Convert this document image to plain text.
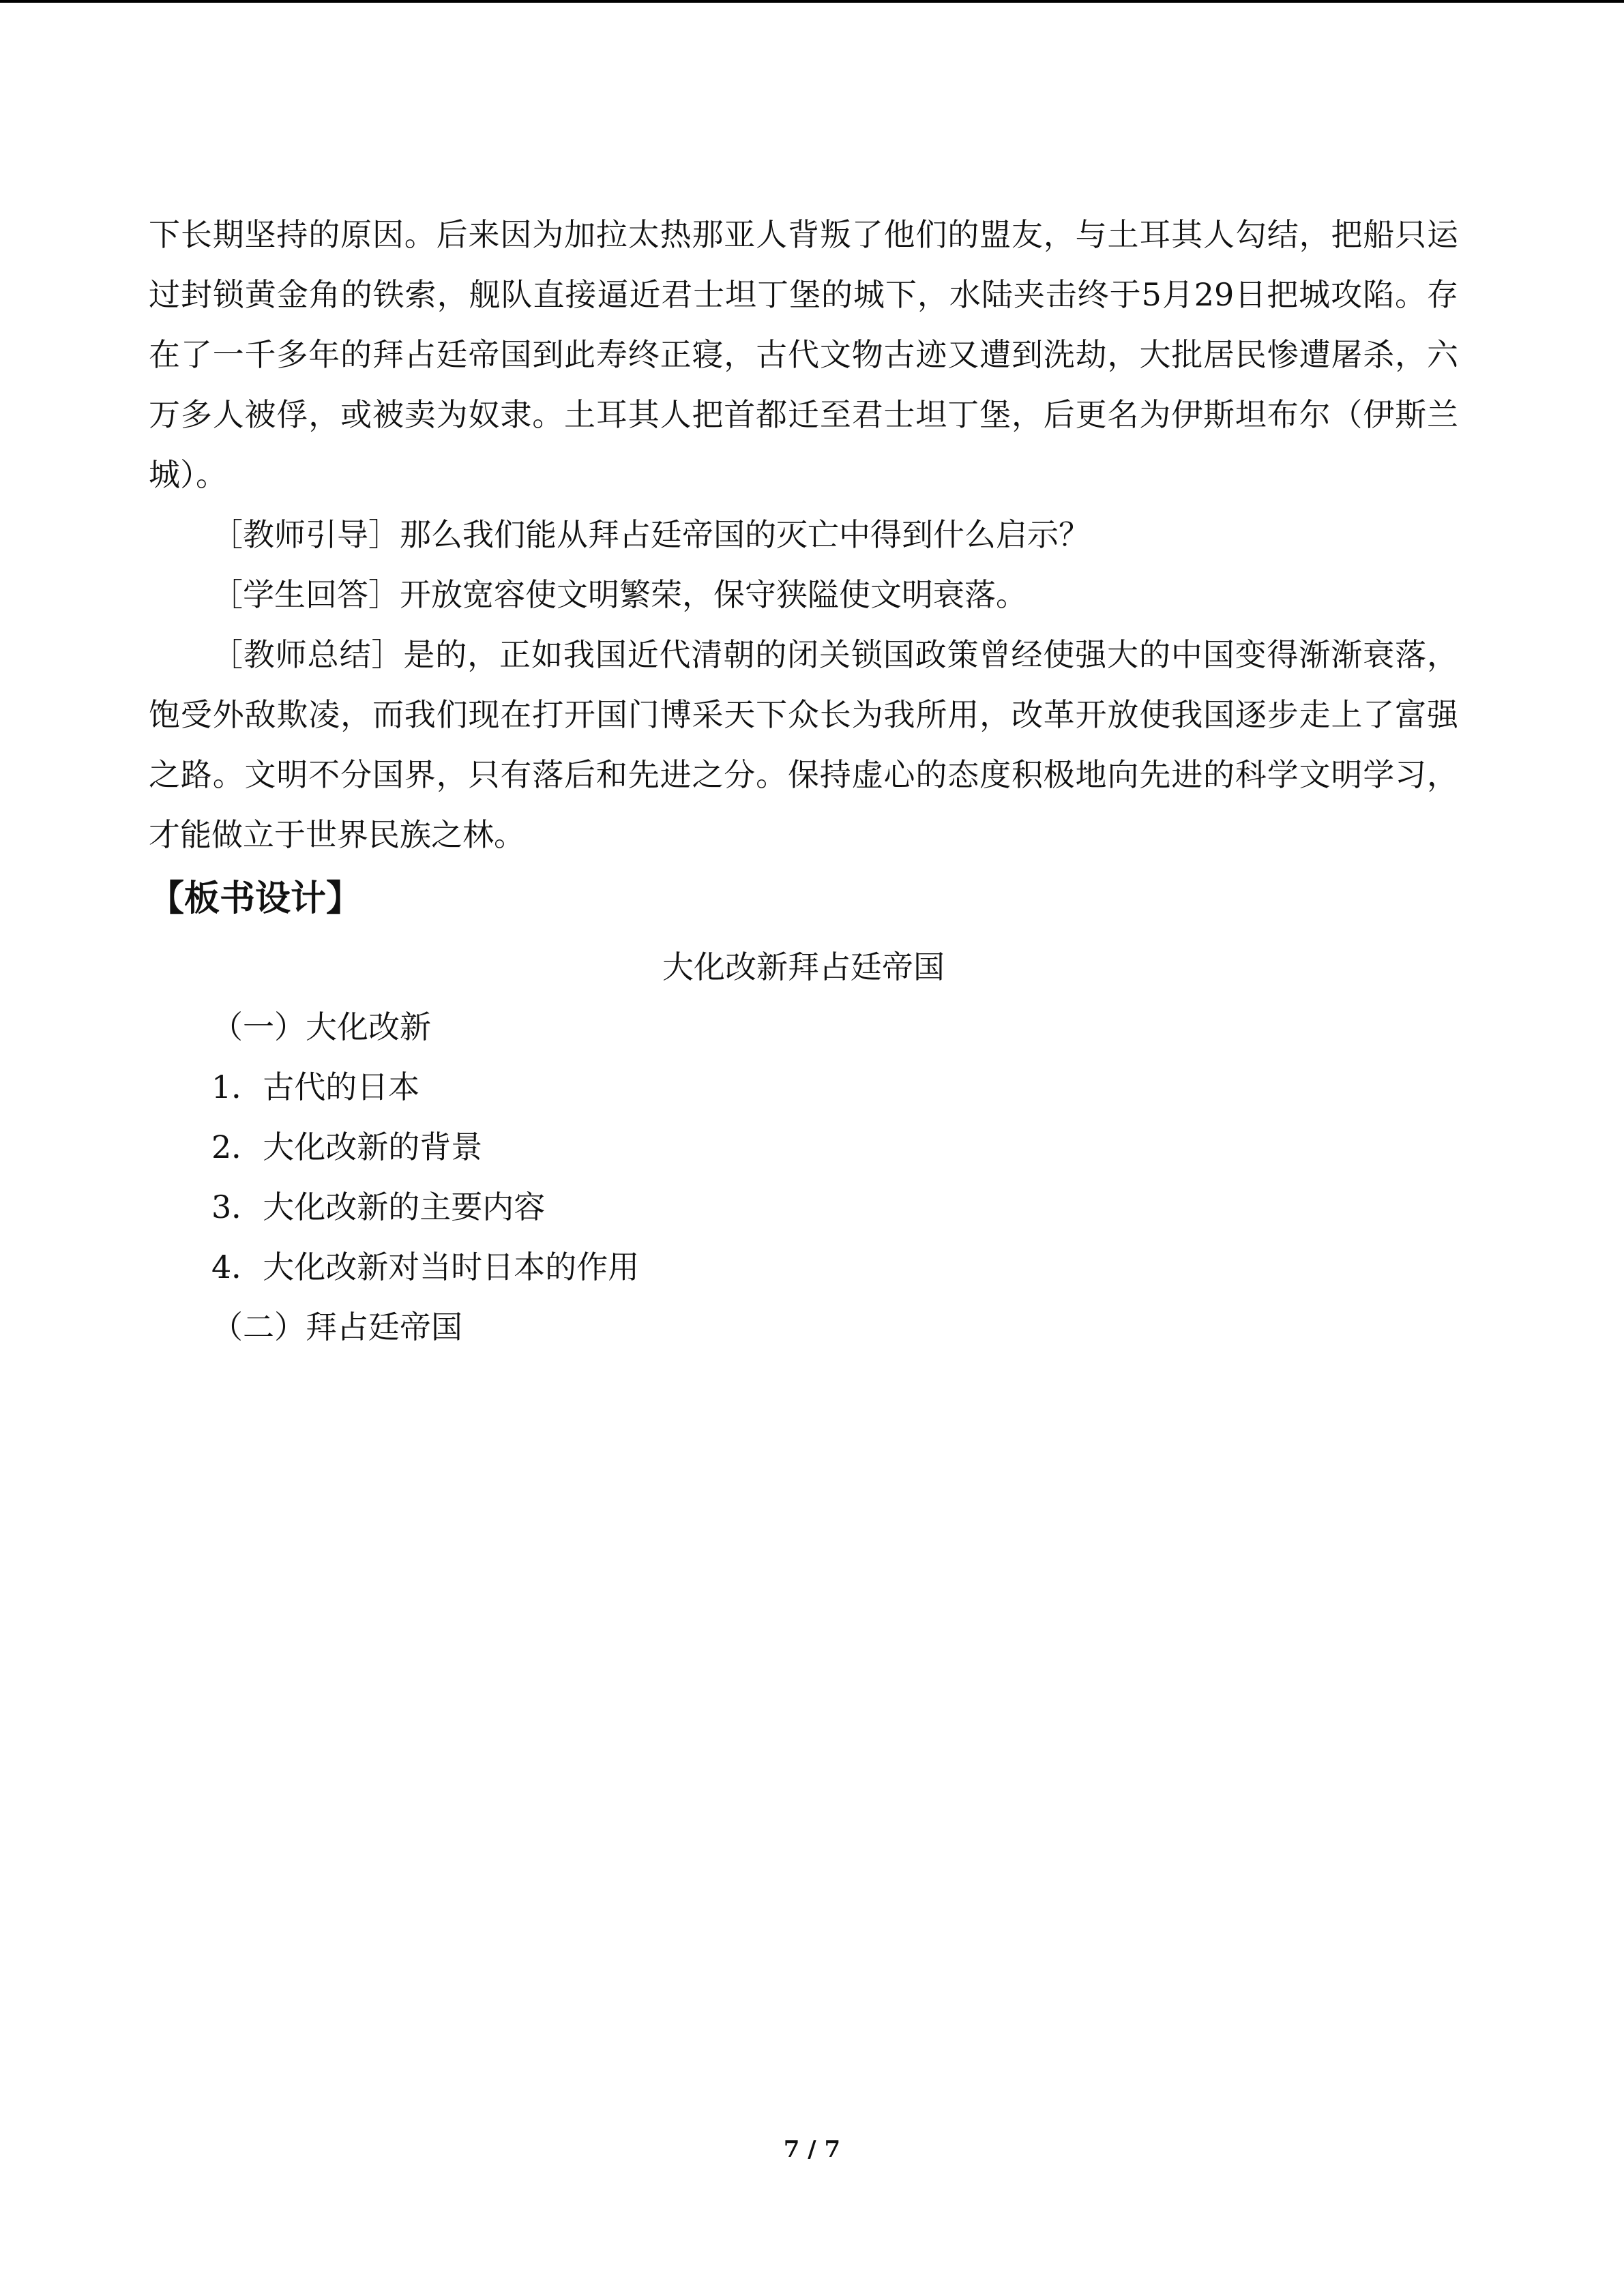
下长期坚持的原因。后来因为加拉太热那亚人背叛了他们的盟友，与土耳其人勾结，把船只运过封锁黄金角的铁索，舰队直接逼近君士坦丁堡的城下，水陆夹击终于5月29日把城攻陷。存在了一千多年的拜占廷帝国到此寿终正寝，古代文物古迹又遭到洗劫，大批居民惨遭屠杀，六万多人被俘，或被卖为奴隶。土耳其人把首都迁至君士坦丁堡，后更名为伊斯坦布尔（伊斯兰城）。

［教师引导］那么我们能从拜占廷帝国的灭亡中得到什么启示？

［学生回答］开放宽容使文明繁荣，保守狭隘使文明衰落。

［教师总结］是的，正如我国近代清朝的闭关锁国政策曾经使强大的中国变得渐渐衰落，饱受外敌欺凌，而我们现在打开国门博采天下众长为我所用，改革开放使我国逐步走上了富强之路。文明不分国界，只有落后和先进之分。保持虚心的态度积极地向先进的科学文明学习，才能做立于世界民族之林。

【板书设计】

大化改新拜占廷帝国

（一）大化改新

1．古代的日本

2．大化改新的背景

3．大化改新的主要内容

4．大化改新对当时日本的作用

（二）拜占廷帝国

7 / 7
